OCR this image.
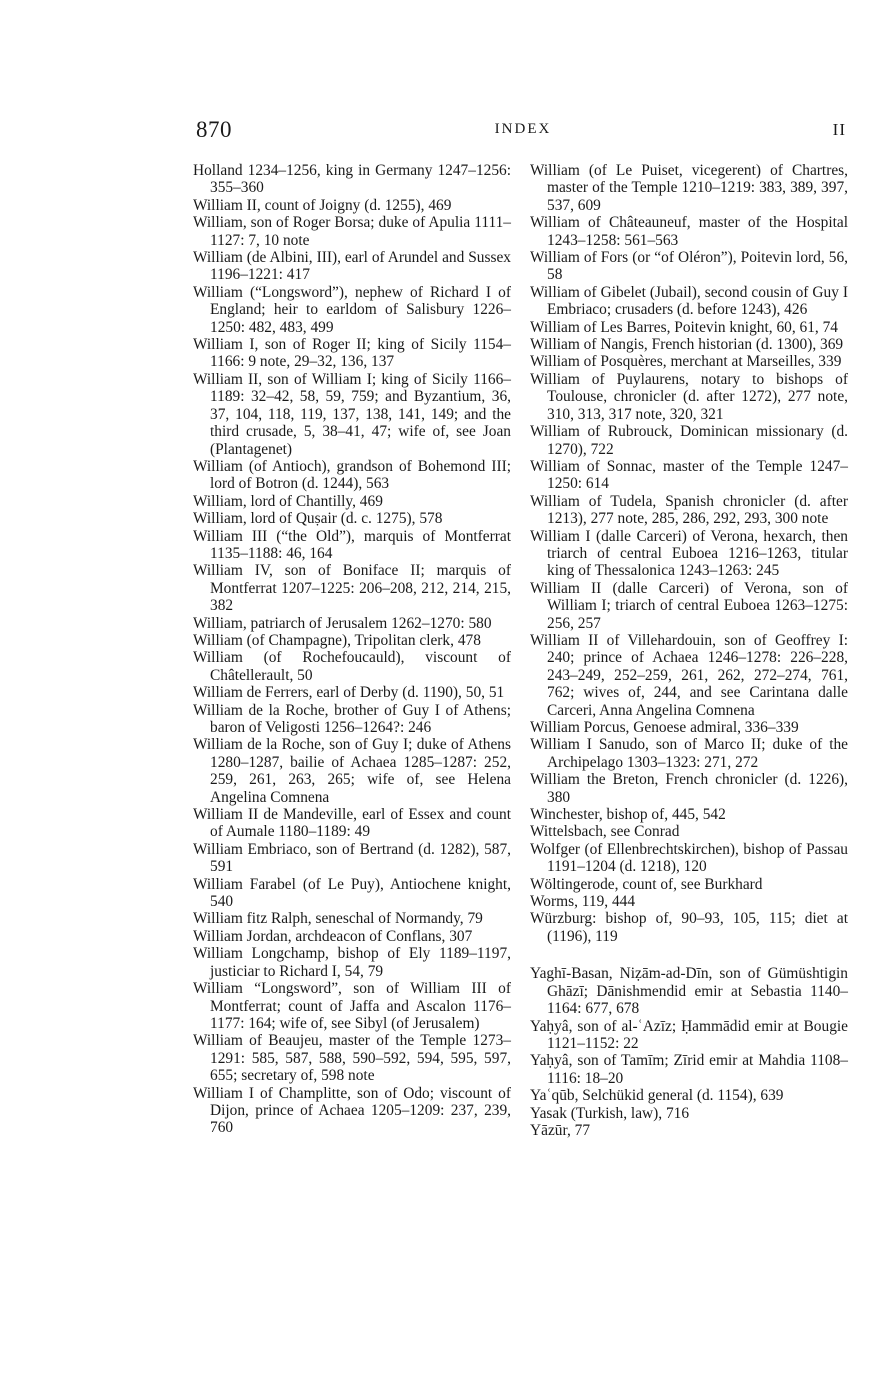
870	INDEX	II

Holland 1234–1256, king in Germany 1247–1256: 355–360

William II, count of Joigny (d. 1255), 469

William, son of Roger Borsa; duke of Apulia 1111–1127: 7, 10 note

William (de Albini, III), earl of Arundel and Sussex 1196–1221: 417

William (“Longsword”), nephew of Richard I of England; heir to earldom of Salisbury 1226–1250: 482, 483, 499

William I, son of Roger II; king of Sicily 1154–1166: 9 note, 29–32, 136, 137

William II, son of William I; king of Sicily 1166–1189: 32–42, 58, 59, 759; and Byzantium, 36, 37, 104, 118, 119, 137, 138, 141, 149; and the third crusade, 5, 38–41, 47; wife of, see Joan (Plantagenet)

William (of Antioch), grandson of Bohemond III; lord of Botron (d. 1244), 563

William, lord of Chantilly, 469

William, lord of Quṣair (d. c. 1275), 578

William III (“the Old”), marquis of Montferrat 1135–1188: 46, 164

William IV, son of Boniface II; marquis of Montferrat 1207–1225: 206–208, 212, 214, 215, 382

William, patriarch of Jerusalem 1262–1270: 580

William (of Champagne), Tripolitan clerk, 478

William (of Rochefoucauld), viscount of Châtellerault, 50

William de Ferrers, earl of Derby (d. 1190), 50, 51

William de la Roche, brother of Guy I of Athens; baron of Veligosti 1256–1264?: 246

William de la Roche, son of Guy I; duke of Athens 1280–1287, bailie of Achaea 1285–1287: 252, 259, 261, 263, 265; wife of, see Helena Angelina Comnena

William II de Mandeville, earl of Essex and count of Aumale 1180–1189: 49

William Embriaco, son of Bertrand (d. 1282), 587, 591

William Farabel (of Le Puy), Antiochene knight, 540

William fitz Ralph, seneschal of Normandy, 79

William Jordan, archdeacon of Conflans, 307

William Longchamp, bishop of Ely 1189–1197, justiciar to Richard I, 54, 79

William “Longsword”, son of William III of Montferrat; count of Jaffa and Ascalon 1176–1177: 164; wife of, see Sibyl (of Jerusalem)

William of Beaujeu, master of the Temple 1273–1291: 585, 587, 588, 590–592, 594, 595, 597, 655; secretary of, 598 note

William I of Champlitte, son of Odo; viscount of Dijon, prince of Achaea 1205–1209: 237, 239, 760

William (of Le Puiset, vicegerent) of Chartres, master of the Temple 1210–1219: 383, 389, 397, 537, 609

William of Châteauneuf, master of the Hospital 1243–1258: 561–563

William of Fors (or “of Oléron”), Poitevin lord, 56, 58

William of Gibelet (Jubail), second cousin of Guy I Embriaco; crusaders (d. before 1243), 426

William of Les Barres, Poitevin knight, 60, 61, 74

William of Nangis, French historian (d. 1300), 369

William of Posquères, merchant at Marseilles, 339

William of Puylaurens, notary to bishops of Toulouse, chronicler (d. after 1272), 277 note, 310, 313, 317 note, 320, 321

William of Rubrouck, Dominican missionary (d. 1270), 722

William of Sonnac, master of the Temple 1247–1250: 614

William of Tudela, Spanish chronicler (d. after 1213), 277 note, 285, 286, 292, 293, 300 note

William I (dalle Carceri) of Verona, hexarch, then triarch of central Euboea 1216–1263, titular king of Thessalonica 1243–1263: 245

William II (dalle Carceri) of Verona, son of William I; triarch of central Euboea 1263–1275: 256, 257

William II of Villehardouin, son of Geoffrey I: 240; prince of Achaea 1246–1278: 226–228, 243–249, 252–259, 261, 262, 272–274, 761, 762; wives of, 244, and see Carintana dalle Carceri, Anna Angelina Comnena

William Porcus, Genoese admiral, 336–339

William I Sanudo, son of Marco II; duke of the Archipelago 1303–1323: 271, 272

William the Breton, French chronicler (d. 1226), 380

Winchester, bishop of, 445, 542

Wittelsbach, see Conrad

Wolfger (of Ellenbrechtskirchen), bishop of Passau 1191–1204 (d. 1218), 120

Wöltingerode, count of, see Burkhard

Worms, 119, 444

Würzburg: bishop of, 90–93, 105, 115; diet at (1196), 119

Yaghī-Basan, Niẓām-ad-Dīn, son of Gümüshtigin Ghāzī; Dānishmendid emir at Sebastia 1140–1164: 677, 678

Yaḥyâ, son of al-ʿAzīz; Ḥammādid emir at Bougie 1121–1152: 22

Yaḥyâ, son of Tamīm; Zīrid emir at Mahdia 1108–1116: 18–20

Yaʿqūb, Selchükid general (d. 1154), 639

Yasak (Turkish, law), 716

Yāzūr, 77
